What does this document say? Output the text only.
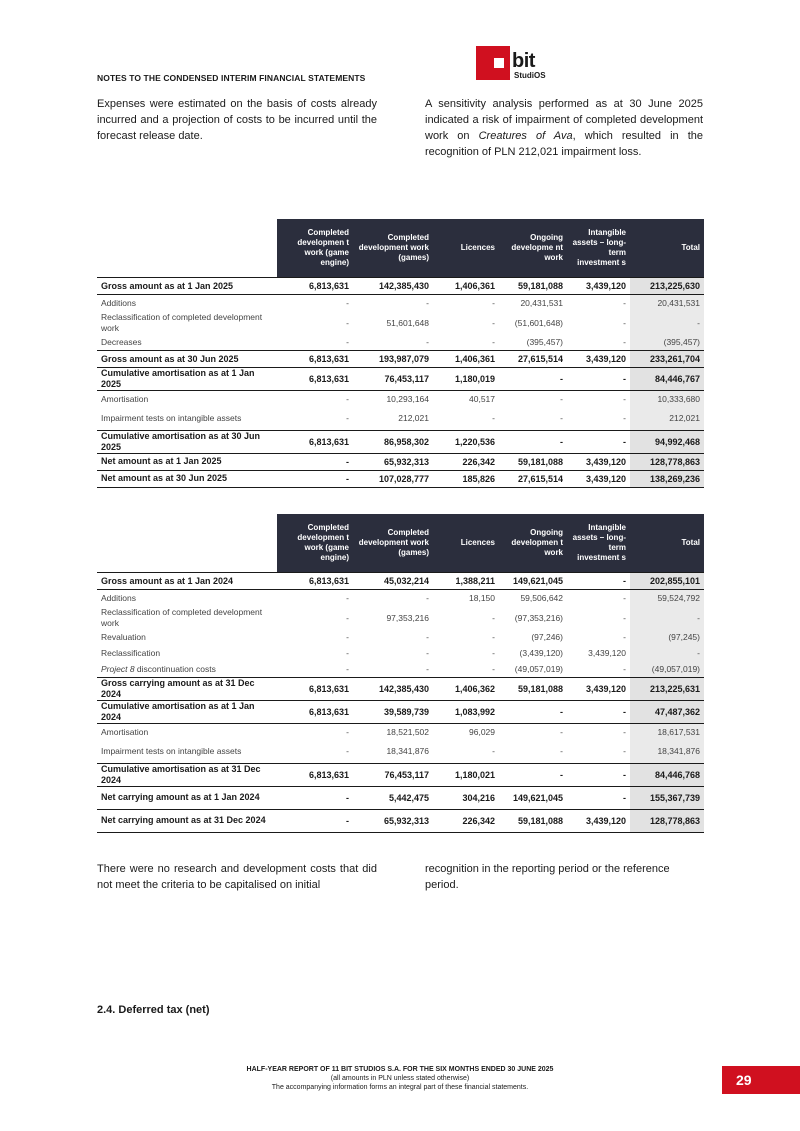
NOTES TO THE CONDENSED INTERIM FINANCIAL STATEMENTS
bit
StudiOS
Expenses were estimated on the basis of costs already incurred and a projection of costs to be incurred until the forecast release date.
A sensitivity analysis performed as at 30 June 2025 indicated a risk of impairment of completed development work on Creatures of Ava, which resulted in the recognition of PLN 212,021 impairment loss.
	Completed developmen t work (game engine)	Completed development work (games)	Licences	Ongoing developme nt work	Intangible assets – long-term investment s	Total
Gross amount as at 1 Jan 2025	6,813,631	142,385,430	1,406,361	59,181,088	3,439,120	213,225,630
Additions	-	-	-	20,431,531	-	20,431,531
Reclassification of completed development work	-	51,601,648	-	(51,601,648)	-	-
Decreases	-	-	-	(395,457)	-	(395,457)
Gross amount as at 30 Jun 2025	6,813,631	193,987,079	1,406,361	27,615,514	3,439,120	233,261,704
Cumulative amortisation as at 1 Jan 2025	6,813,631	76,453,117	1,180,019	-	-	84,446,767
Amortisation	-	10,293,164	40,517	-	-	10,333,680
Impairment tests on intangible assets	-	212,021	-	-	-	212,021
Cumulative amortisation as at 30 Jun 2025	6,813,631	86,958,302	1,220,536	-	-	94,992,468
Net amount as at 1 Jan 2025	-	65,932,313	226,342	59,181,088	3,439,120	128,778,863
Net amount as at 30 Jun 2025	-	107,028,777	185,826	27,615,514	3,439,120	138,269,236
	Completed developmen t work (game engine)	Completed development work (games)	Licences	Ongoing developmen t work	Intangible assets – long-term investment s	Total
Gross amount as at 1 Jan 2024	6,813,631	45,032,214	1,388,211	149,621,045	-	202,855,101
Additions	-	-	18,150	59,506,642	-	59,524,792
Reclassification of completed development work	-	97,353,216	-	(97,353,216)	-	-
Revaluation	-	-	-	(97,246)	-	(97,245)
Reclassification	-	-	-	(3,439,120)	3,439,120	-
Project 8 discontinuation costs	-	-	-	(49,057,019)	-	(49,057,019)
Gross carrying amount as at 31 Dec 2024	6,813,631	142,385,430	1,406,362	59,181,088	3,439,120	213,225,631
Cumulative amortisation as at 1 Jan 2024	6,813,631	39,589,739	1,083,992	-	-	47,487,362
Amortisation	-	18,521,502	96,029	-	-	18,617,531
Impairment tests on intangible assets	-	18,341,876	-	-	-	18,341,876
Cumulative amortisation as at 31 Dec 2024	6,813,631	76,453,117	1,180,021	-	-	84,446,768
Net carrying amount as at 1 Jan 2024	-	5,442,475	304,216	149,621,045	-	155,367,739
Net carrying amount as at 31 Dec 2024	-	65,932,313	226,342	59,181,088	3,439,120	128,778,863
There were no research and development costs that did not meet the criteria to be capitalised on initial
recognition in the reporting period or the reference period.
2.4. Deferred tax (net)
HALF-YEAR REPORT OF 11 BIT STUDIOS S.A. FOR THE SIX MONTHS ENDED 30 JUNE 2025
(all amounts in PLN unless stated otherwise)
The accompanying information forms an integral part of these financial statements.	29
